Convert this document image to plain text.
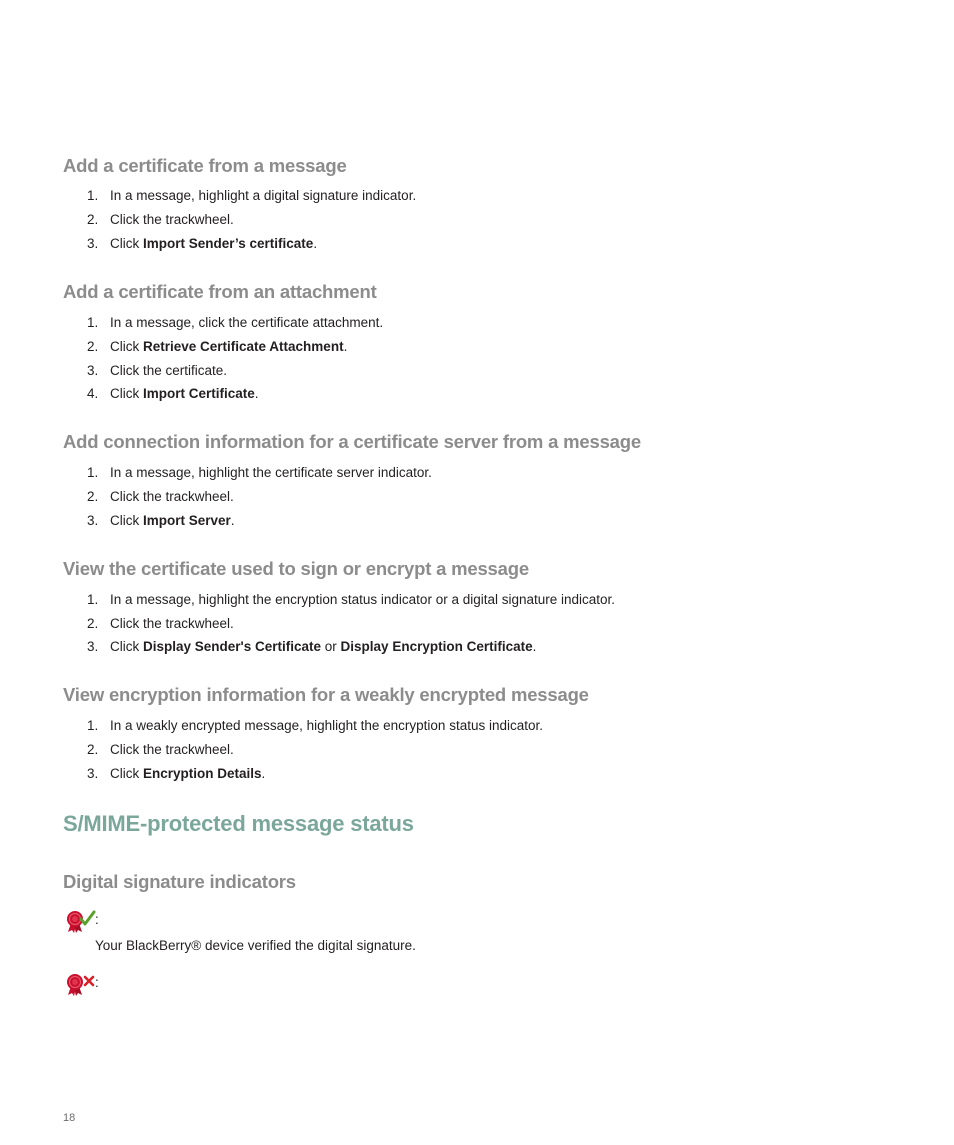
Add a certificate from a message
1. In a message, highlight a digital signature indicator.
2. Click the trackwheel.
3. Click Import Sender’s certificate.
Add a certificate from an attachment
1. In a message, click the certificate attachment.
2. Click Retrieve Certificate Attachment.
3. Click the certificate.
4. Click Import Certificate.
Add connection information for a certificate server from a message
1. In a message, highlight the certificate server indicator.
2. Click the trackwheel.
3. Click Import Server.
View the certificate used to sign or encrypt a message
1. In a message, highlight the encryption status indicator or a digital signature indicator.
2. Click the trackwheel.
3. Click Display Sender's Certificate or Display Encryption Certificate.
View encryption information for a weakly encrypted message
1. In a weakly encrypted message, highlight the encryption status indicator.
2. Click the trackwheel.
3. Click Encryption Details.
S/MIME-protected message status
Digital signature indicators
:
Your BlackBerry® device verified the digital signature.
:
18
